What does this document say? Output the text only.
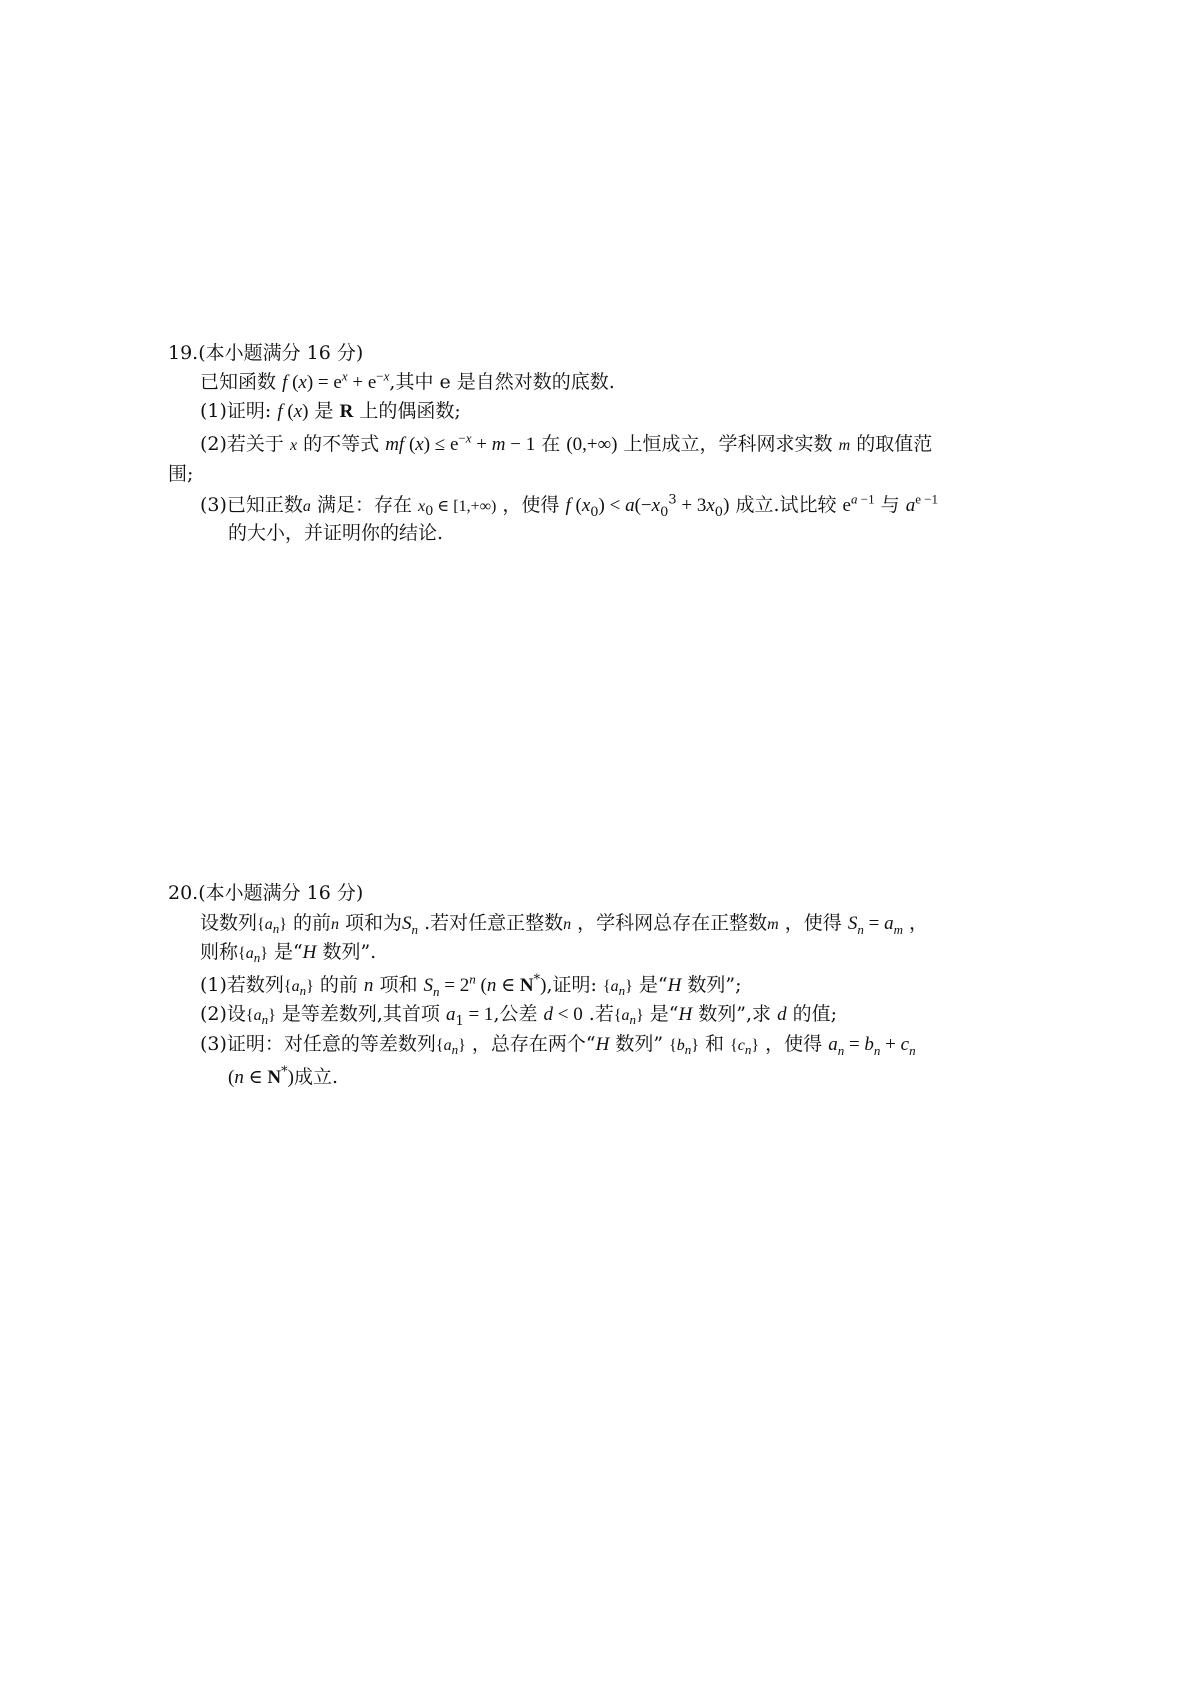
19.(本小题满分 16 分)
已知函数 f $(x) = e^x + e^{-x}$,其中 e 是自然对数的底数.
(1)证明: f (x) 是 R 上的偶函数;
(2)若关于 x 的不等式 mf $(x) \le e^{-x} + m - 1$ 在 (0,+∞) 上恒成立，学科网求实数 m 的取值范
围;
(3)已知正数a 满足：存在 $x_0$ ∈ [1,+∞) ，使得 f $(x_0) < a(-x_0^3 + 3x_0)$ 成立.试比较 $e^{a -1}$ 与 $a^{e -1}$
的大小，并证明你的结论.
20.(本小题满分 16 分)
设数列$\{a_n\}$ 的前n 项和为$S_n$ .若对任意正整数n ，学科网总存在正整数m ，使得 $S_n = a_m$ ，
则称$\{a_n\}$ 是“H 数列”.
(1)若数列$\{a_n\}$ 的前 n 项和 $S_n = 2^n$ (n ∈ N*),证明: $\{a_n\}$ 是“H 数列”;
(2)设$\{a_n\}$ 是等差数列,其首项 $a_1 = 1$,公差 d < 0 .若$\{a_n\}$ 是“H 数列”,求 d 的值;
(3)证明：对任意的等差数列$\{a_n\}$ ，总存在两个“H 数列” $\{b_n\}$ 和 $\{c_n\}$ ，使得 $a_n = b_n + c_n$
(n ∈ N*)成立.
